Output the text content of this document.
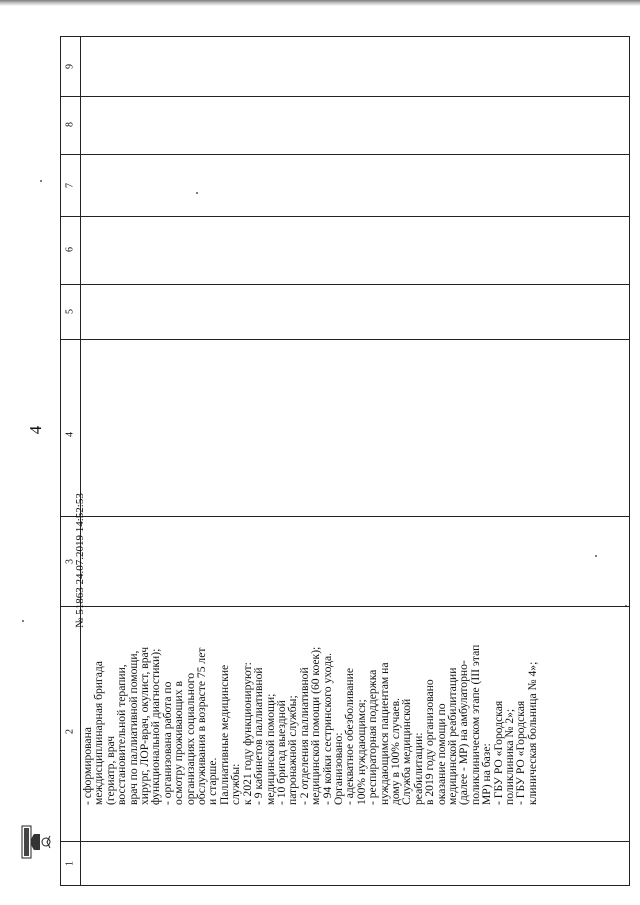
4
9
8
7
6
5
4
3
2
1
- сформирована
междисциплинарная бригада
(гериатр, врач
восстановительной терапии,
врач по паллиативной помощи,
хирург, ЛОР-врач, окулист, врач
функциональной диагностики);
- организована работа по
осмотру проживающих в
организациях социального
обслуживания в возрасте 75 лет
и старше.
Паллиативные медицинские
службы:
к 2021 году функционируют:
- 9 кабинетов паллиативной
медицинской помощи;
- 10 бригад выездной
патронажной службы;
- 2 отделения паллиативной
медицинской помощи (60 коек);
- 94 койки сестринского ухода.
Организовано:
- адекватное обезболивание
100% нуждающимся;
- респираторная поддержка
нуждающимся пациентам на
дому в 100% случаев.
Служба медицинской
реабилитации:
в 2019 году организовано
оказание помощи по
медицинской реабилитации
(далее - МР) на амбулаторно-
поликлиническом этапе (III этап
МР) на базе:
- ГБУ РО «Городская
поликлиника № 2»;
- ГБУ РО «Городская
клиническая больница № 4»;
№ 51863 24.07.2019 14:52:53
